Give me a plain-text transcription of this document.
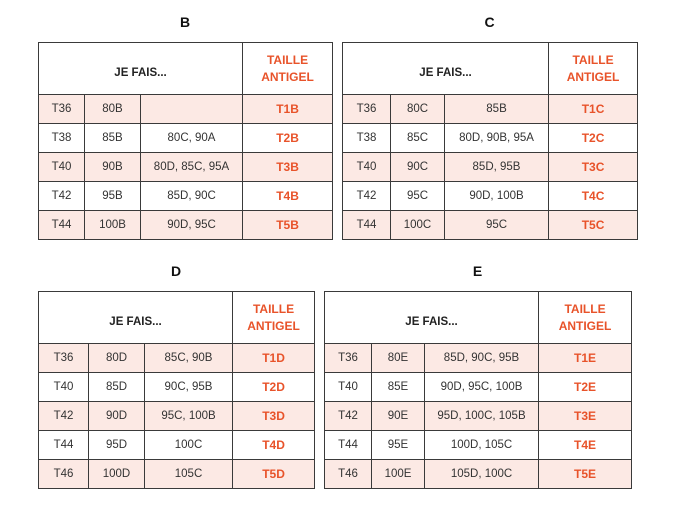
B
JE FAIS...			TAILLE
ANTIGEL
T36	80B		T1B
T38	85B	80C, 90A	T2B
T40	90B	80D, 85C, 95A	T3B
T42	95B	85D, 90C	T4B
T44	100B	90D, 95C	T5B
C
JE FAIS...			TAILLE
ANTIGEL
T36	80C	85B	T1C
T38	85C	80D, 90B, 95A	T2C
T40	90C	85D, 95B	T3C
T42	95C	90D, 100B	T4C
T44	100C	95C	T5C
D
JE FAIS...			TAILLE
ANTIGEL
T36	80D	85C, 90B	T1D
T40	85D	90C, 95B	T2D
T42	90D	95C, 100B	T3D
T44	95D	100C	T4D
T46	100D	105C	T5D
E
JE FAIS...			TAILLE
ANTIGEL
T36	80E	85D, 90C, 95B	T1E
T40	85E	90D, 95C, 100B	T2E
T42	90E	95D, 100C, 105B	T3E
T44	95E	100D, 105C	T4E
T46	100E	105D, 100C	T5E
